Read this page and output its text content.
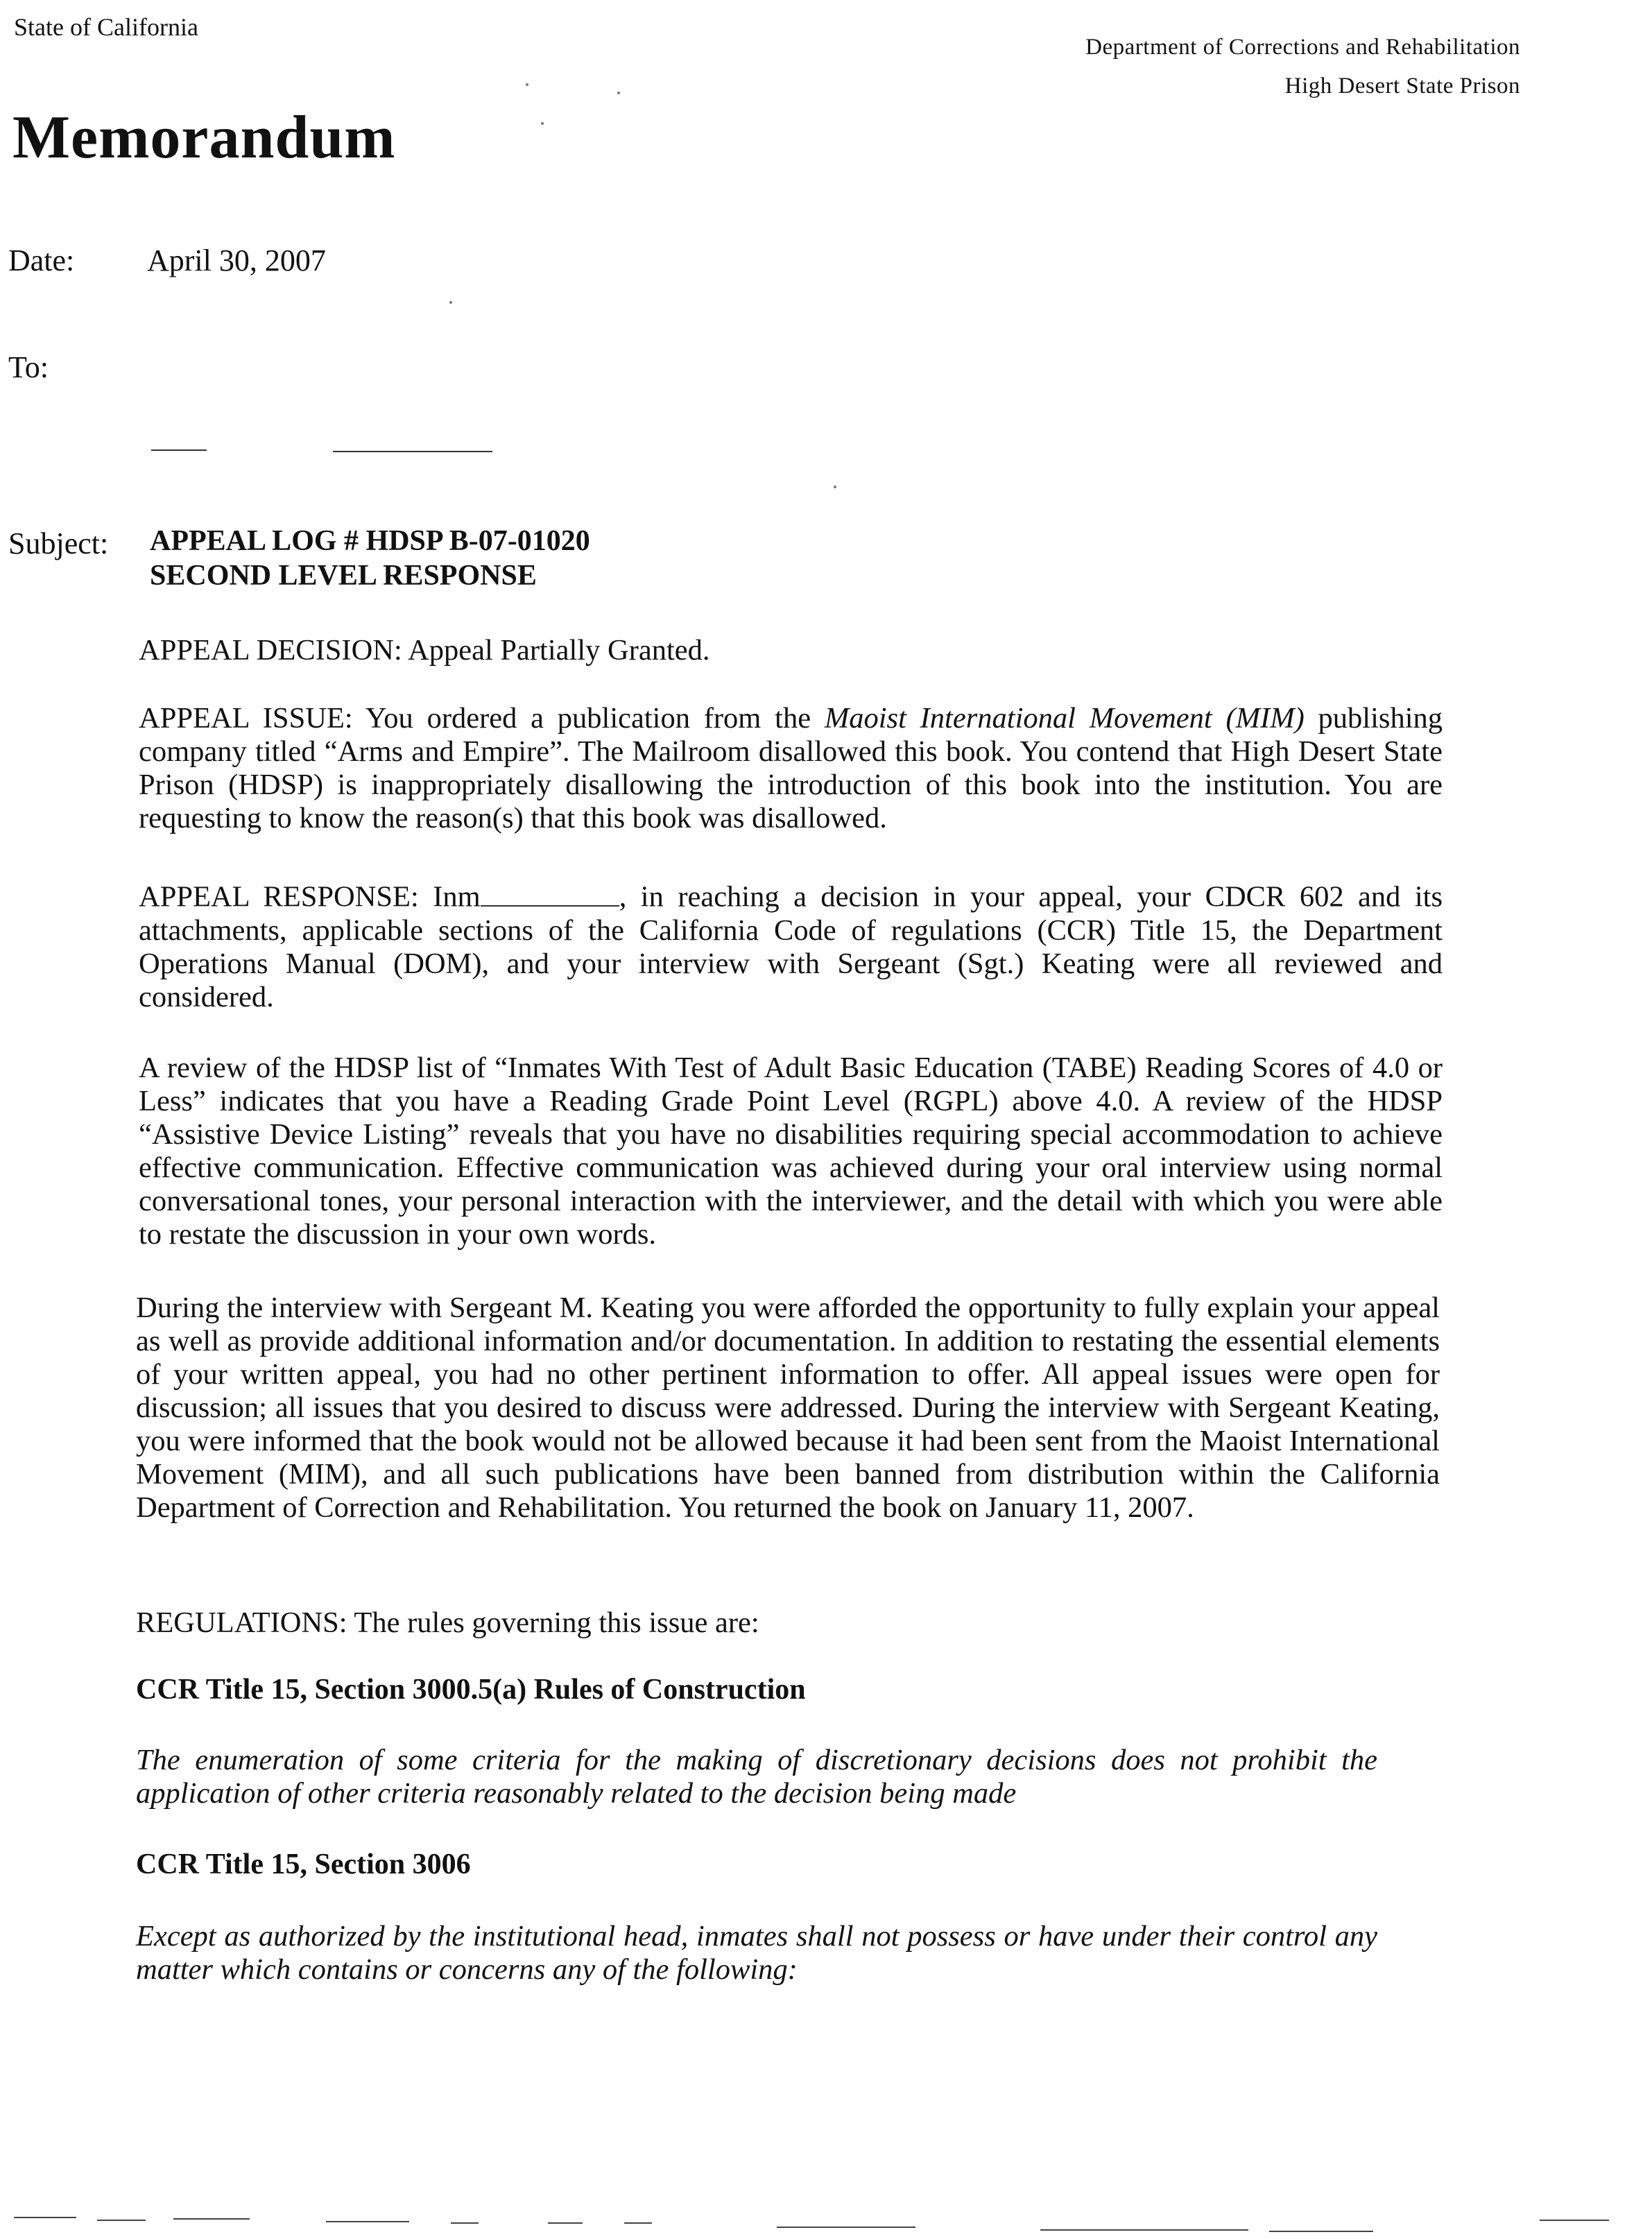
State of California
Department of Corrections and Rehabilitation
High Desert State Prison
Memorandum
Date: April 30, 2007
To:
Subject: APPEAL LOG # HDSP B-07-01020
SECOND LEVEL RESPONSE

APPEAL DECISION: Appeal Partially Granted.

APPEAL ISSUE: You ordered a publication from the Maoist International Movement (MIM) publishing company titled “Arms and Empire”. The Mailroom disallowed this book. You contend that High Desert State Prison (HDSP) is inappropriately disallowing the introduction of this book into the institution. You are requesting to know the reason(s) that this book was disallowed.

APPEAL RESPONSE: Inm	, in reaching a decision in your appeal, your CDCR 602 and its attachments, applicable sections of the California Code of regulations (CCR) Title 15, the Department Operations Manual (DOM), and your interview with Sergeant (Sgt.) Keating were all reviewed and considered.

A review of the HDSP list of “Inmates With Test of Adult Basic Education (TABE) Reading Scores of 4.0 or Less” indicates that you have a Reading Grade Point Level (RGPL) above 4.0. A review of the HDSP “Assistive Device Listing” reveals that you have no disabilities requiring special accommodation to achieve effective communication. Effective communication was achieved during your oral interview using normal conversational tones, your personal interaction with the interviewer, and the detail with which you were able to restate the discussion in your own words.

During the interview with Sergeant M. Keating you were afforded the opportunity to fully explain your appeal as well as provide additional information and/or documentation. In addition to restating the essential elements of your written appeal, you had no other pertinent information to offer. All appeal issues were open for discussion; all issues that you desired to discuss were addressed. During the interview with Sergeant Keating, you were informed that the book would not be allowed because it had been sent from the Maoist International Movement (MIM), and all such publications have been banned from distribution within the California Department of Correction and Rehabilitation. You returned the book on January 11, 2007.

REGULATIONS: The rules governing this issue are:

CCR Title 15, Section 3000.5(a) Rules of Construction

The enumeration of some criteria for the making of discretionary decisions does not prohibit the application of other criteria reasonably related to the decision being made

CCR Title 15, Section 3006

Except as authorized by the institutional head, inmates shall not possess or have under their control any matter which contains or concerns any of the following:
